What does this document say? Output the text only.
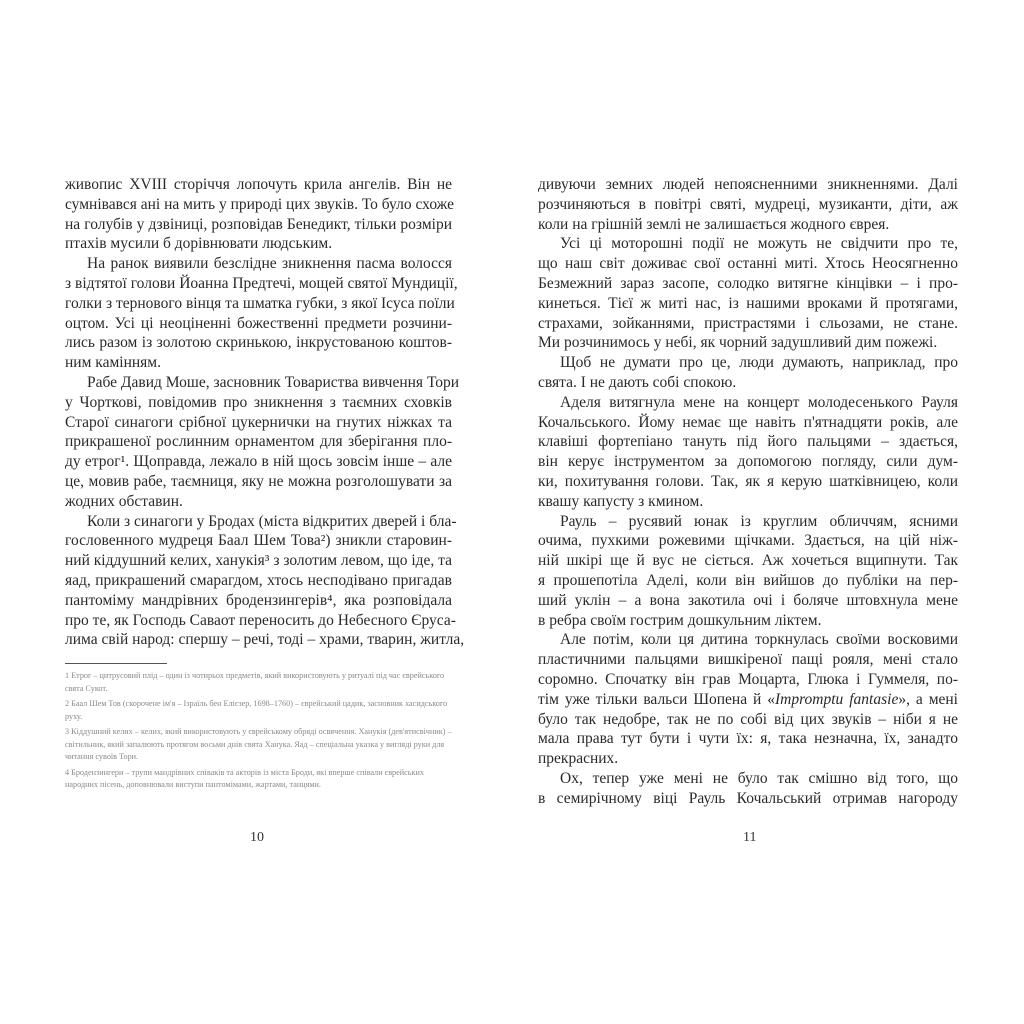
живопис XVIII сторіччя лопочуть крила ангелів. Він не
сумнівався ані на мить у природі цих звуків. То було схоже
на голубів у дзвіниці, розповідав Бенедикт, тільки розміри
птахів мусили б дорівнювати людським.
На ранок виявили безслідне зникнення пасма волосся
з відтятої голови Йоанна Предтечі, мощей святої Мундиції,
голки з тернового вінця та шматка губки, з якої Ісуса поїли
оцтом. Усі ці неоціненні божественні предмети розчини-
лись разом із золотою скринькою, інкрустованою коштов-
ним камінням.
Рабе Давид Моше, засновник Товариства вивчення Тори
у Чорткові, повідомив про зникнення з таємних сховків
Старої синагоги срібної цукернички на гнутих ніжках та
прикрашеної рослинним орнаментом для зберігання пло-
ду етрог¹. Щоправда, лежало в ній щось зовсім інше – але
це, мовив рабе, таємниця, яку не можна розголошувати за
жодних обставин.
Коли з синагоги у Бродах (міста відкритих дверей і бла-
гословенного мудреця Баал Шем Това²) зникли старовин-
ний кіддушний келих, ханукія³ з золотим левом, що іде, та
яад, прикрашений смарагдом, хтось несподівано пригадав
пантоміму мандрівних бродензингерів⁴, яка розповідала
про те, як Господь Саваот переносить до Небесного Єруса-
лима свій народ: спершу – речі, тоді – храми, тварин, житла,
1 Етрог – цитрусовий плід – один із чотирьох предметів, який використовують у ритуалі під час єврейського свята Сукот.
2 Баал Шем Тов (скорочене ім'я – Ізраїль бен Елієзер, 1698–1760) – єврейський цадик, засновник хасидського руху.
3 Кіддушний келих – келих, який використовують у єврейському обряді освячення. Ханукія (дев'ятисвічник) – світильник, який запалюють протягом восьми днів свята Ханука. Яад – спеціальна указка у вигляді руки для читання сувоїв Тори.
4 Бродензингери – трупи мандрівних співаків та акторів із міста Броди, які вперше співали єврейських народних пісень, доповнювали виступи пантомімами, жартами, танцями.
10
дивуючи земних людей непоясненними зникненнями. Далі
розчиняються в повітрі святі, мудреці, музиканти, діти, аж
коли на грішній землі не залишається жодного єврея.
Усі ці моторошні події не можуть не свідчити про те,
що наш світ доживає свої останні миті. Хтось Неосягненно
Безмежний зараз засопе, солодко витягне кінцівки – і про-
кинеться. Тієї ж миті нас, із нашими вроками й протягами,
страхами, зойканнями, пристрастями і сльозами, не стане.
Ми розчинимось у небі, як чорний задушливий дим пожежі.
Щоб не думати про це, люди думають, наприклад, про
свята. І не дають собі спокою.
Аделя витягнула мене на концерт молодесенького Рауля
Кочальського. Йому немає ще навіть п'ятнадцяти років, але
клавіші фортепіано тануть під його пальцями – здається,
він керує інструментом за допомогою погляду, сили дум-
ки, похитування голови. Так, як я керую шатківницею, коли
квашу капусту з кмином.
Рауль – русявий юнак із круглим обличчям, ясними
очима, пухкими рожевими щічками. Здається, на цій ніж-
ній шкірі ще й вус не сіється. Аж хочеться вщипнути. Так
я прошепотіла Аделі, коли він вийшов до публіки на пер-
ший уклін – а вона закотила очі і боляче штовхнула мене
в ребра своїм гострим дошкульним ліктем.
Але потім, коли ця дитина торкнулась своїми восковими
пластичними пальцями вишкіреної пащі рояля, мені стало
соромно. Спочатку він грав Моцарта, Глюка і Гуммеля, по-
тім уже тільки вальси Шопена й «Impromptu fantasie», а мені
було так недобре, так не по собі від цих звуків – ніби я не
мала права тут бути і чути їх: я, така незначна, їх, занадто
прекрасних.
Ох, тепер уже мені не було так смішно від того, що
в семирічному віці Рауль Кочальський отримав нагороду
11
